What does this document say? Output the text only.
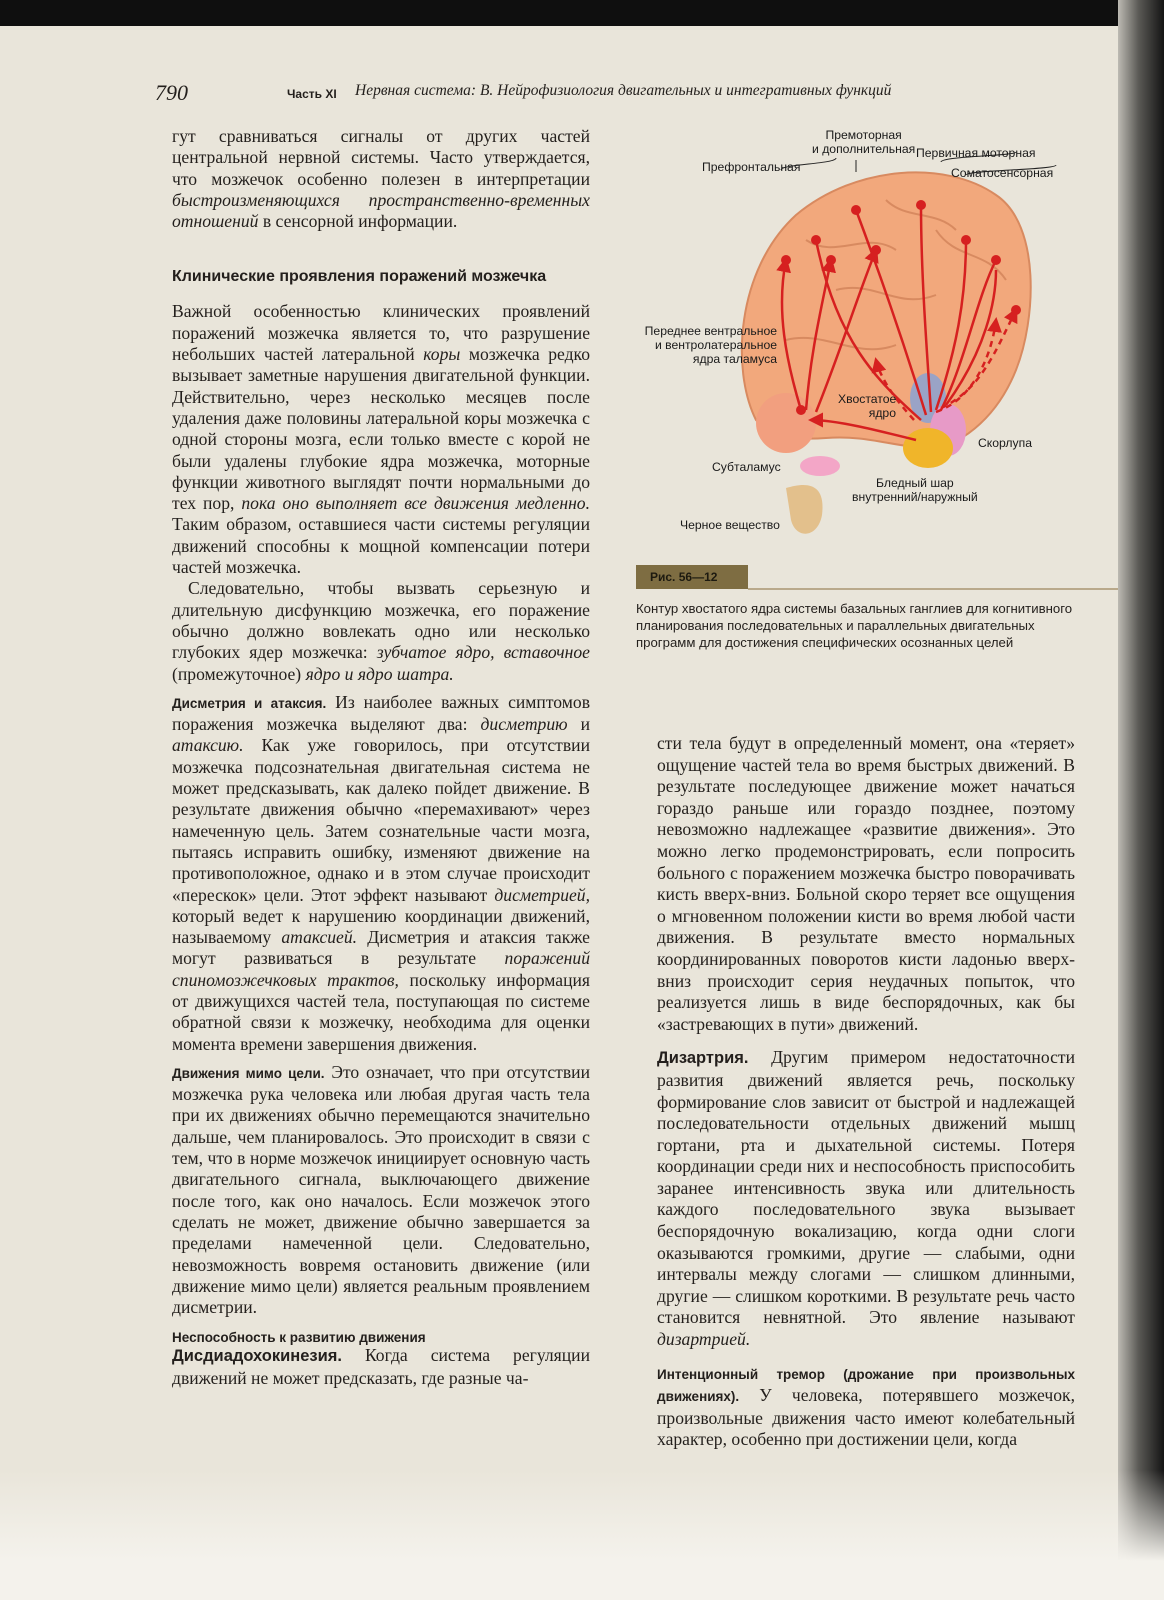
790	Часть XI Нервная система: В. Нейрофизиология двигательных и интегративных функций

гут сравниваться сигналы от других частей центральной нервной системы. Часто утверждается, что мозжечок особенно полезен в интерпретации быстроизменяющихся пространственно-временных отношений в сенсорной информации.

Клинические проявления поражений мозжечка

Важной особенностью клинических проявлений поражений мозжечка является то, что разрушение небольших частей латеральной коры мозжечка редко вызывает заметные нарушения двигательной функции. Действительно, через несколько месяцев после удаления даже половины латеральной коры мозжечка с одной стороны мозга, если только вместе с корой не были удалены глубокие ядра мозжечка, моторные функции животного выглядят почти нормальными до тех пор, пока оно выполняет все движения медленно. Таким образом, оставшиеся части системы регуляции движений способны к мощной компенсации потери частей мозжечка.

Следовательно, чтобы вызвать серьезную и длительную дисфункцию мозжечка, его поражение обычно должно вовлекать одно или несколько глубоких ядер мозжечка: зубчатое ядро, вставочное (промежуточное) ядро и ядро шатра.

Дисметрия и атаксия. Из наиболее важных симптомов поражения мозжечка выделяют два: дисметрию и атаксию. Как уже говорилось, при отсутствии мозжечка подсознательная двигательная система не может предсказывать, как далеко пойдет движение. В результате движения обычно «перемахивают» через намеченную цель. Затем сознательные части мозга, пытаясь исправить ошибку, изменяют движение на противоположное, однако и в этом случае происходит «перескок» цели. Этот эффект называют дисметрией, который ведет к нарушению координации движений, называемому атаксией. Дисметрия и атаксия также могут развиваться в результате поражений спиномозжечковых трактов, поскольку информация от движущихся частей тела, поступающая по системе обратной связи к мозжечку, необходима для оценки момента времени завершения движения.

Движения мимо цели. Это означает, что при отсутствии мозжечка рука человека или любая другая часть тела при их движениях обычно перемещаются значительно дальше, чем планировалось. Это происходит в связи с тем, что в норме мозжечок инициирует основную часть двигательного сигнала, выключающего движение после того, как оно началось. Если мозжечок этого сделать не может, движение обычно завершается за пределами намеченной цели. Следовательно, невозможность вовремя остановить движение (или движение мимо цели) является реальным проявлением дисметрии.

Неспособность к развитию движения

Дисдиадохокинезия. Когда система регуляции движений не может предсказать, где разные ча-

Премоторная
и дополнительная
Префронтальная
Первичная моторная
Соматосенсорная
Переднее вентральное
и вентролатеральное
ядра таламуса
Хвостатое
ядро
Скорлупа
Субталамус
Бледный шар
внутренний/наружный
Черное вещество
Рис. 56—12
Контур хвостатого ядра системы базальных ганглиев для когнитивного планирования последовательных и параллельных двигательных программ для достижения специфических осознанных целей

сти тела будут в определенный момент, она «теряет» ощущение частей тела во время быстрых движений. В результате последующее движение может начаться гораздо раньше или гораздо позднее, поэтому невозможно надлежащее «развитие движения». Это можно легко продемонстрировать, если попросить больного с поражением мозжечка быстро поворачивать кисть вверх-вниз. Больной скоро теряет все ощущения о мгновенном положении кисти во время любой части движения. В результате вместо нормальных координированных поворотов кисти ладонью вверх-вниз происходит серия неудачных попыток, что реализуется лишь в виде беспорядочных, как бы «застревающих в пути» движений.

Дизартрия. Другим примером недостаточности развития движений является речь, поскольку формирование слов зависит от быстрой и надлежащей последовательности отдельных движений мышц гортани, рта и дыхательной системы. Потеря координации среди них и неспособность приспособить заранее интенсивность звука или длительность каждого последовательного звука вызывает беспорядочную вокализацию, когда одни слоги оказываются громкими, другие — слабыми, одни интервалы между слогами — слишком длинными, другие — слишком короткими. В результате речь часто становится невнятной. Это явление называют дизартрией.

Интенционный тремор (дрожание при произвольных движениях). У человека, потерявшего мозжечок, произвольные движения часто имеют колебательный характер, особенно при достижении цели, когда
